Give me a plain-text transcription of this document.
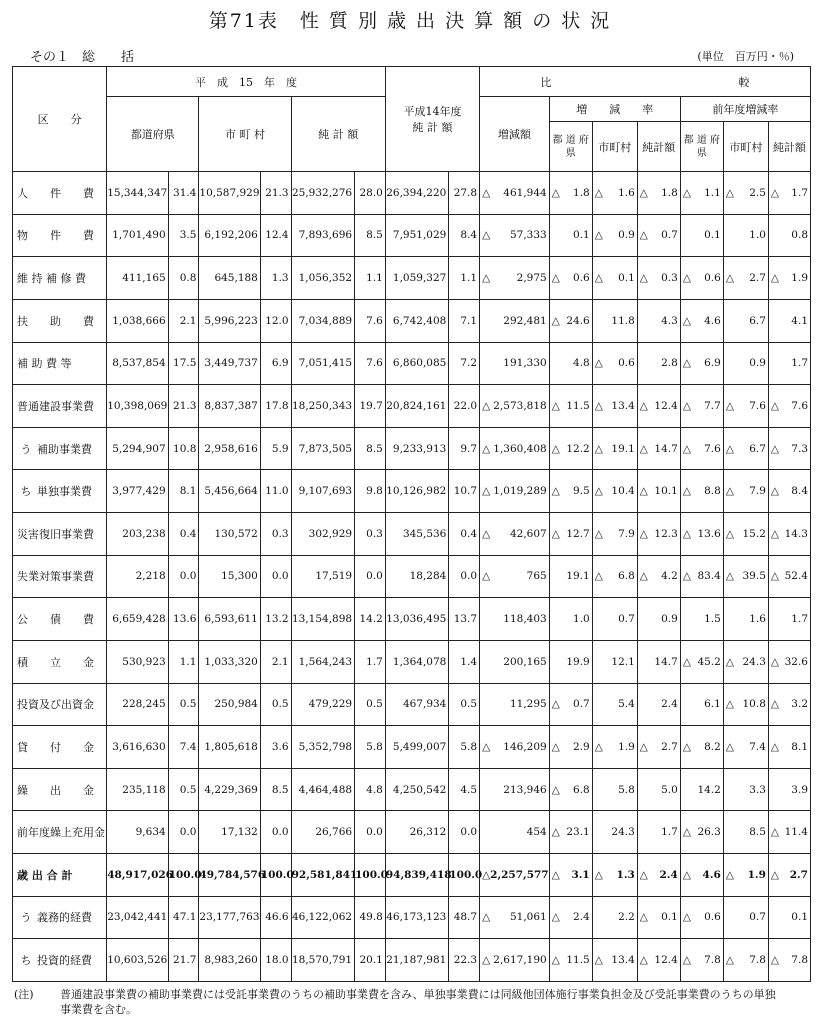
第71表　性 質 別 歳 出 決 算 額 の 状 況
その１　総　　括	(単位　百万円・％)
区　　分	平　成　15　年　度						平成14年度
純 計 額		比　　　　　　　　　　　　　　　　　較						
	都道府県		市 町 村		純 計 額				増減額	増　　減　　率			前年度増減率		
										都 道 府 県	市町村	純計額	都 道 府 県	市町村	純計額
人　　件　　費	15,344,347	31.4	10,587,929	21.3	25,932,276	28.0	26,394,220	27.8	△ 461,944	△ 1.8	△ 1.6	△ 1.8	△ 1.1	△ 2.5	△ 1.7
物　　件　　費	1,701,490	3.5	6,192,206	12.4	7,893,696	8.5	7,951,029	8.4	△ 57,333	0.1	△ 0.9	△ 0.7	0.1	1.0	0.8
維 持 補 修 費	411,165	0.8	645,188	1.3	1,056,352	1.1	1,059,327	1.1	△ 2,975	△ 0.6	△ 0.1	△ 0.3	△ 0.6	△ 2.7	△ 1.9
扶　　助　　費	1,038,666	2.1	5,996,223	12.0	7,034,889	7.6	6,742,408	7.1	292,481	△ 24.6	11.8	4.3	△ 4.6	6.7	4.1
補 助 費 等	8,537,854	17.5	3,449,737	6.9	7,051,415	7.6	6,860,085	7.2	191,330	4.8	△ 0.6	2.8	△ 6.9	0.9	1.7
普通建設事業費	10,398,069	21.3	8,837,387	17.8	18,250,343	19.7	20,824,161	22.0	△ 2,573,818	△ 11.5	△ 13.4	△ 12.4	△ 7.7	△ 7.6	△ 7.6
う 補助事業費	5,294,907	10.8	2,958,616	5.9	7,873,505	8.5	9,233,913	9.7	△ 1,360,408	△ 12.2	△ 19.1	△ 14.7	△ 7.6	△ 6.7	△ 7.3
ち 単独事業費	3,977,429	8.1	5,456,664	11.0	9,107,693	9.8	10,126,982	10.7	△ 1,019,289	△ 9.5	△ 10.4	△ 10.1	△ 8.8	△ 7.9	△ 8.4
災害復旧事業費	203,238	0.4	130,572	0.3	302,929	0.3	345,536	0.4	△ 42,607	△ 12.7	△ 7.9	△ 12.3	△ 13.6	△ 15.2	△ 14.3
失業対策事業費	2,218	0.0	15,300	0.0	17,519	0.0	18,284	0.0	△ 765	19.1	△ 6.8	△ 4.2	△ 83.4	△ 39.5	△ 52.4
公　　債　　費	6,659,428	13.6	6,593,611	13.2	13,154,898	14.2	13,036,495	13.7	118,403	1.0	0.7	0.9	1.5	1.6	1.7
積　　立　　金	530,923	1.1	1,033,320	2.1	1,564,243	1.7	1,364,078	1.4	200,165	19.9	12.1	14.7	△ 45.2	△ 24.3	△ 32.6
投資及び出資金	228,245	0.5	250,984	0.5	479,229	0.5	467,934	0.5	11,295	△ 0.7	5.4	2.4	6.1	△ 10.8	△ 3.2
貸　　付　　金	3,616,630	7.4	1,805,618	3.6	5,352,798	5.8	5,499,007	5.8	△ 146,209	△ 2.9	△ 1.9	△ 2.7	△ 8.2	△ 7.4	△ 8.1
繰　　出　　金	235,118	0.5	4,229,369	8.5	4,464,488	4.8	4,250,542	4.5	213,946	△ 6.8	5.8	5.0	14.2	3.3	3.9
前年度繰上充用金	9,634	0.0	17,132	0.0	26,766	0.0	26,312	0.0	454	△ 23.1	24.3	1.7	△ 26.3	8.5	△ 11.4
歳 出 合 計	48,917,026	100.0	49,784,576	100.0	92,581,841	100.0	94,839,418	100.0	△ 2,257,577	△ 3.1	△ 1.3	△ 2.4	△ 4.6	△ 1.9	△ 2.7
う 義務的経費	23,042,441	47.1	23,177,763	46.6	46,122,062	49.8	46,173,123	48.7	△ 51,061	△ 2.4	2.2	△ 0.1	△ 0.6	0.7	0.1
ち 投資的経費	10,603,526	21.7	8,983,260	18.0	18,570,791	20.1	21,187,981	22.3	△ 2,617,190	△ 11.5	△ 13.4	△ 12.4	△ 7.8	△ 7.8	△ 7.8
(注) 普通建設事業費の補助事業費には受託事業費のうちの補助事業費を含み、単独事業費には同級他団体施行事業負担金及び受託事業費のうちの単独
事業費を含む。
